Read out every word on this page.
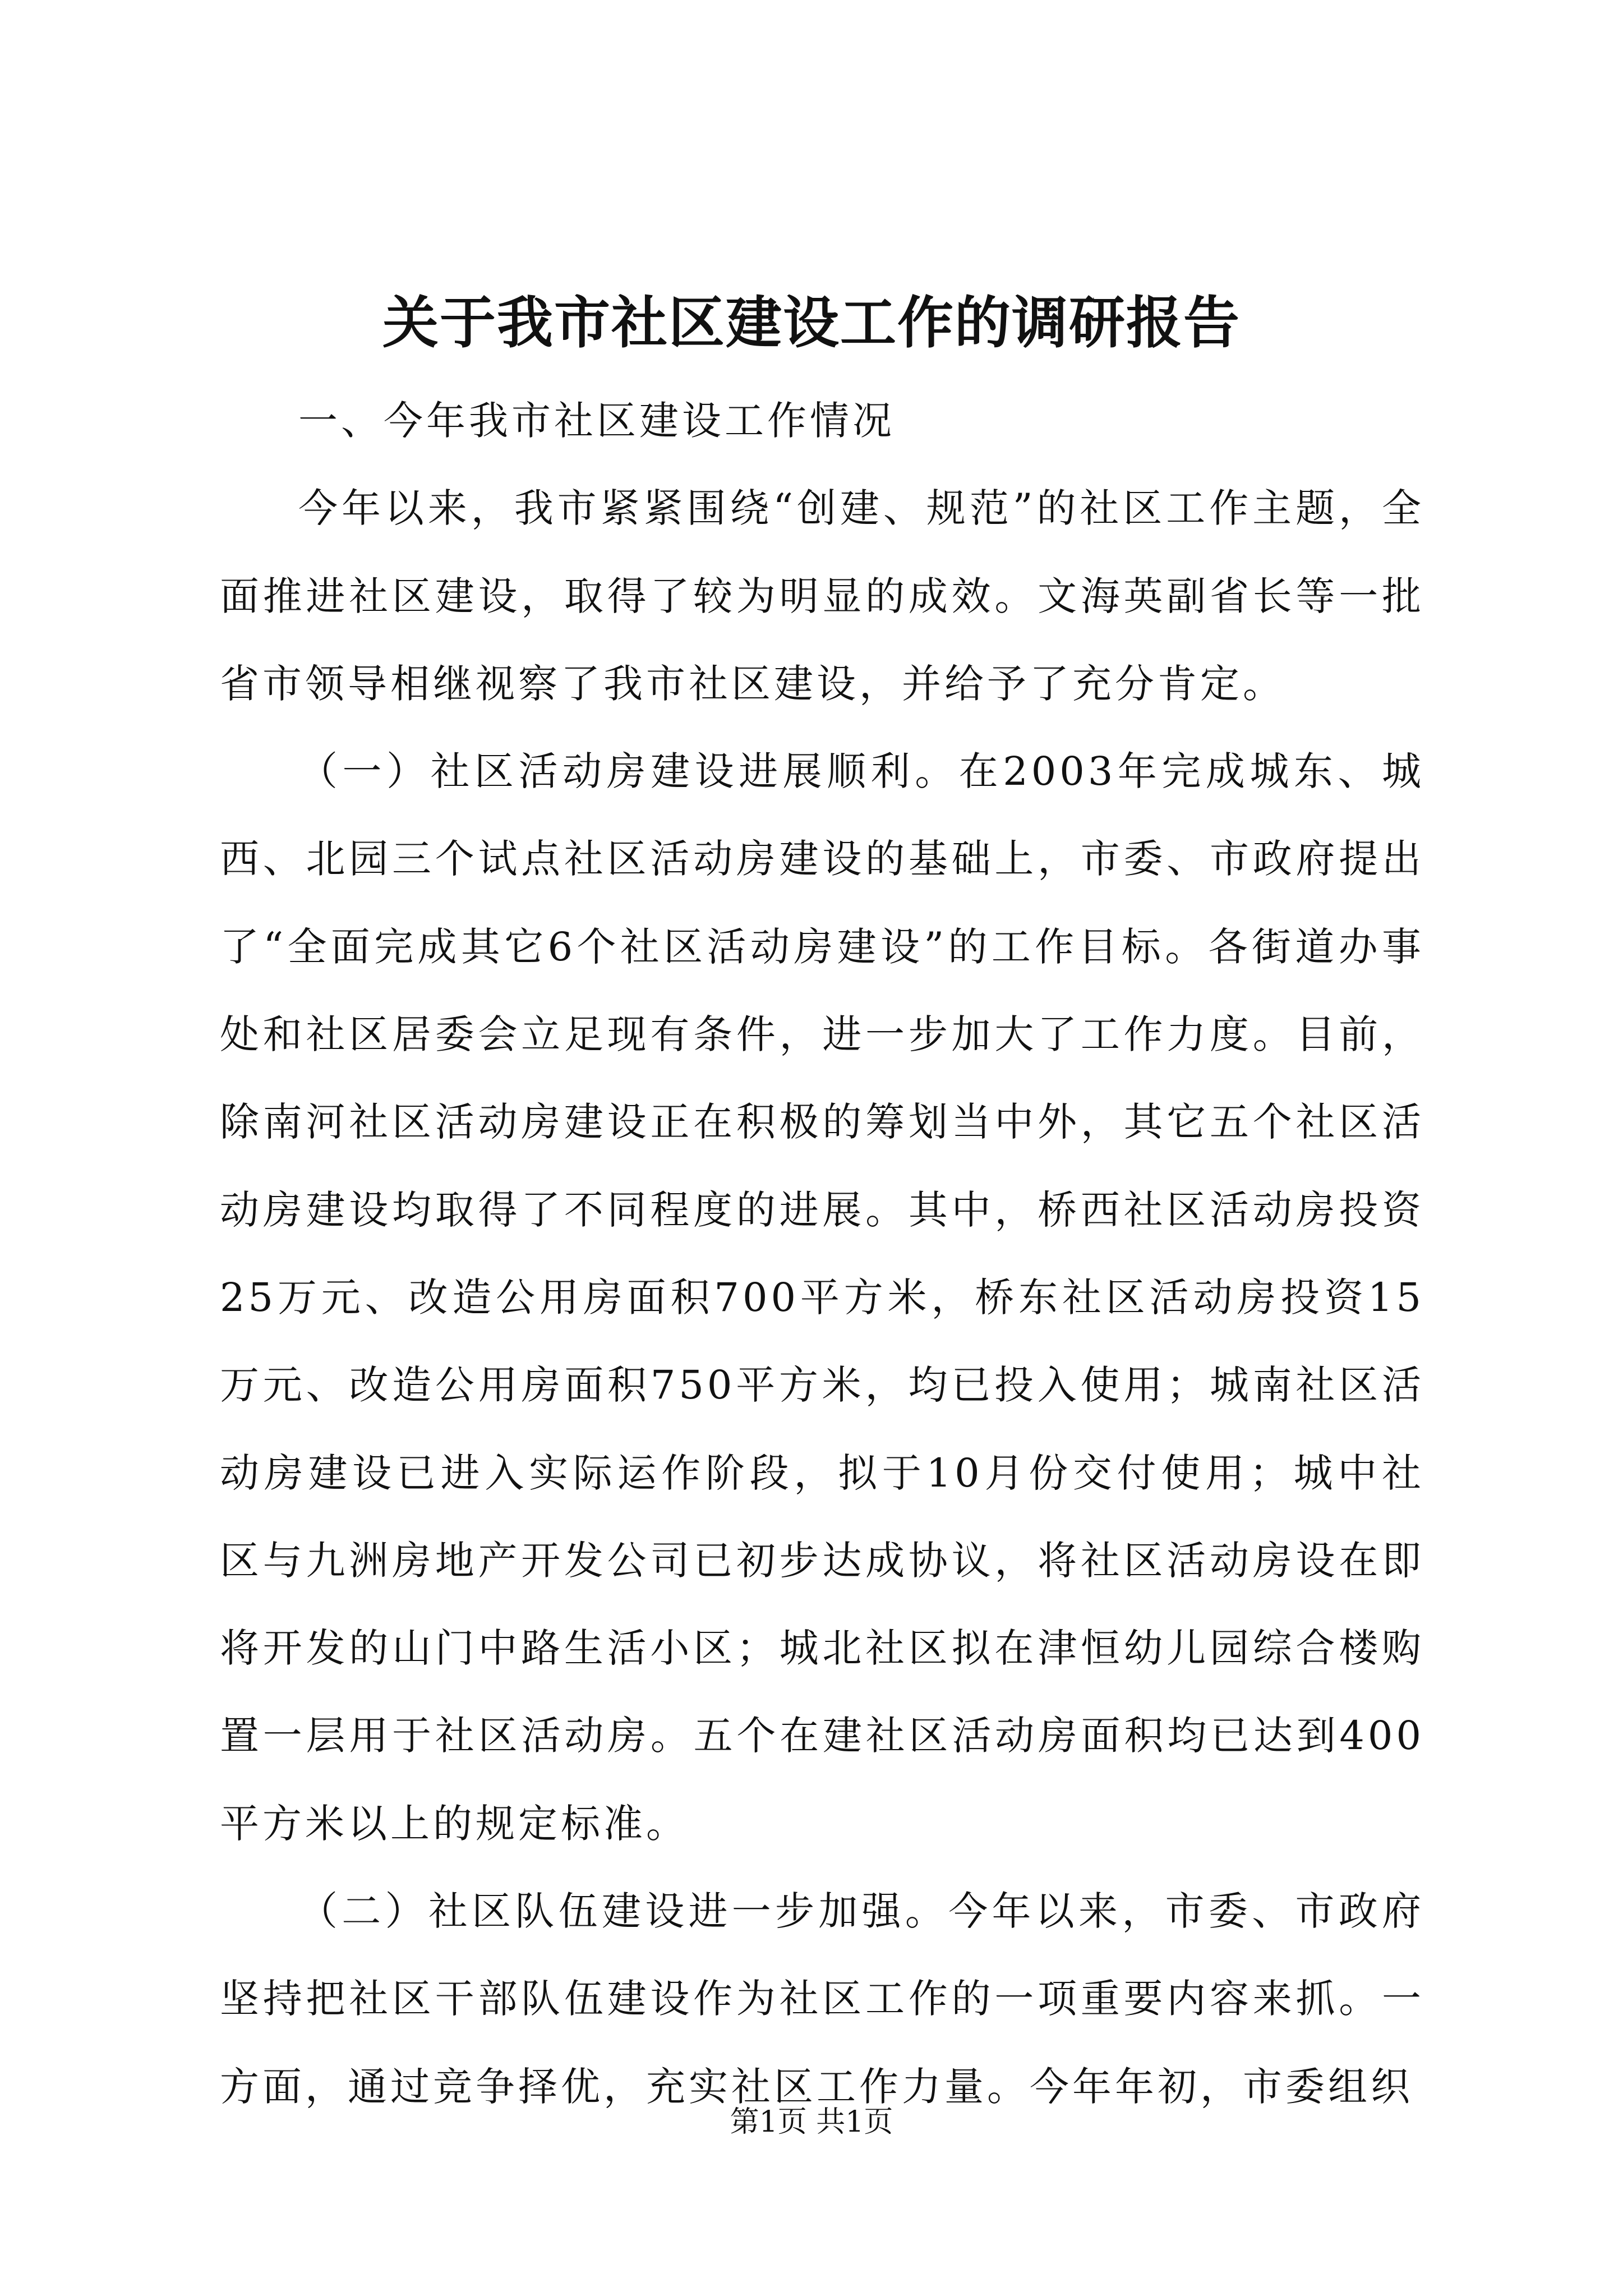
关于我市社区建设工作的调研报告

一、今年我市社区建设工作情况

今年以来，我市紧紧围绕“创建、规范”的社区工作主题，全面推进社区建设，取得了较为明显的成效。文海英副省长等一批省市领导相继视察了我市社区建设，并给予了充分肯定。

（一）社区活动房建设进展顺利。在2003年完成城东、城西、北园三个试点社区活动房建设的基础上，市委、市政府提出了“全面完成其它6个社区活动房建设”的工作目标。各街道办事处和社区居委会立足现有条件，进一步加大了工作力度。目前，除南河社区活动房建设正在积极的筹划当中外，其它五个社区活动房建设均取得了不同程度的进展。其中，桥西社区活动房投资25万元、改造公用房面积700平方米，桥东社区活动房投资15万元、改造公用房面积750平方米，均已投入使用；城南社区活动房建设已进入实际运作阶段，拟于10月份交付使用；城中社区与九洲房地产开发公司已初步达成协议，将社区活动房设在即将开发的山门中路生活小区；城北社区拟在津恒幼儿园综合楼购置一层用于社区活动房。五个在建社区活动房面积均已达到400平方米以上的规定标准。

（二）社区队伍建设进一步加强。今年以来，市委、市政府坚持把社区干部队伍建设作为社区工作的一项重要内容来抓。一方面，通过竞争择优，充实社区工作力量。今年年初，市委组织

第1页 共1页
